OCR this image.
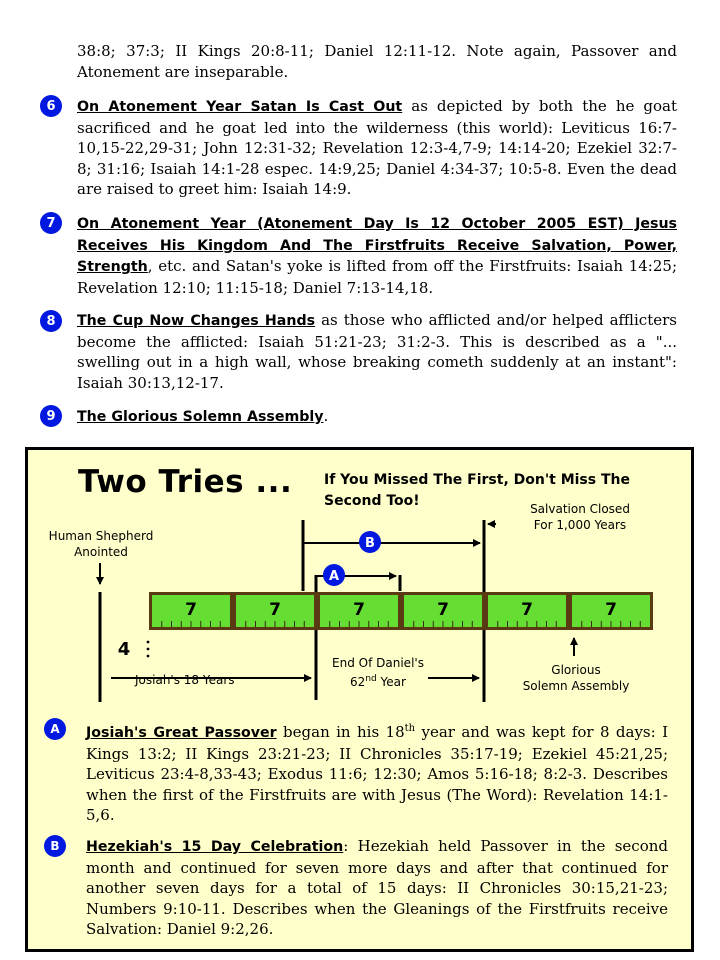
38:8; 37:3; II Kings 20:8-11; Daniel 12:11-12. Note again, Passover and Atonement are inseparable.
6	On Atonement Year Satan Is Cast Out as depicted by both the he goat sacrificed and he goat led into the wilderness (this world): Leviticus 16:7-10,15-22,29-31; John 12:31-32; Revelation 12:3-4,7-9; 14:14-20; Ezekiel 32:7-8; 31:16; Isaiah 14:1-28 espec. 14:9,25; Daniel 4:34-37; 10:5-8. Even the dead are raised to greet him: Isaiah 14:9.
7	On Atonement Year (Atonement Day Is 12 October 2005 EST) Jesus Receives His Kingdom And The Firstfruits Receive Salvation, Power, Strength, etc. and Satan's yoke is lifted from off the Firstfruits: Isaiah 14:25; Revelation 12:10; 11:15-18; Daniel 7:13-14,18.
8	The Cup Now Changes Hands as those who afflicted and/or helped afflicters become the afflicted: Isaiah 51:21-23; 31:2-3. This is described as a "... swelling out in a high wall, whose breaking cometh suddenly at an instant": Isaiah 30:13,12-17.
9	The Glorious Solemn Assembly.
Two Tries ... If You Missed The First, Don't Miss The Second Too!
B
A
7	7	7	7	7	7
4
Human Shepherd
Anointed
Salvation Closed
For 1,000 Years
Josiah's 18 Years
End Of Daniel's
62nd Year
Glorious
Solemn Assembly
A	Josiah's Great Passover began in his 18th year and was kept for 8 days: I Kings 13:2; II Kings 23:21-23; II Chronicles 35:17-19; Ezekiel 45:21,25; Leviticus 23:4-8,33-43; Exodus 11:6; 12:30; Amos 5:16-18; 8:2-3. Describes when the first of the Firstfruits are with Jesus (The Word): Revelation 14:1-5,6.
B	Hezekiah's 15 Day Celebration: Hezekiah held Passover in the second month and continued for seven more days and after that continued for another seven days for a total of 15 days: II Chronicles 30:15,21-23; Numbers 9:10-11. Describes when the Gleanings of the Firstfruits receive Salvation: Daniel 9:2,26.
